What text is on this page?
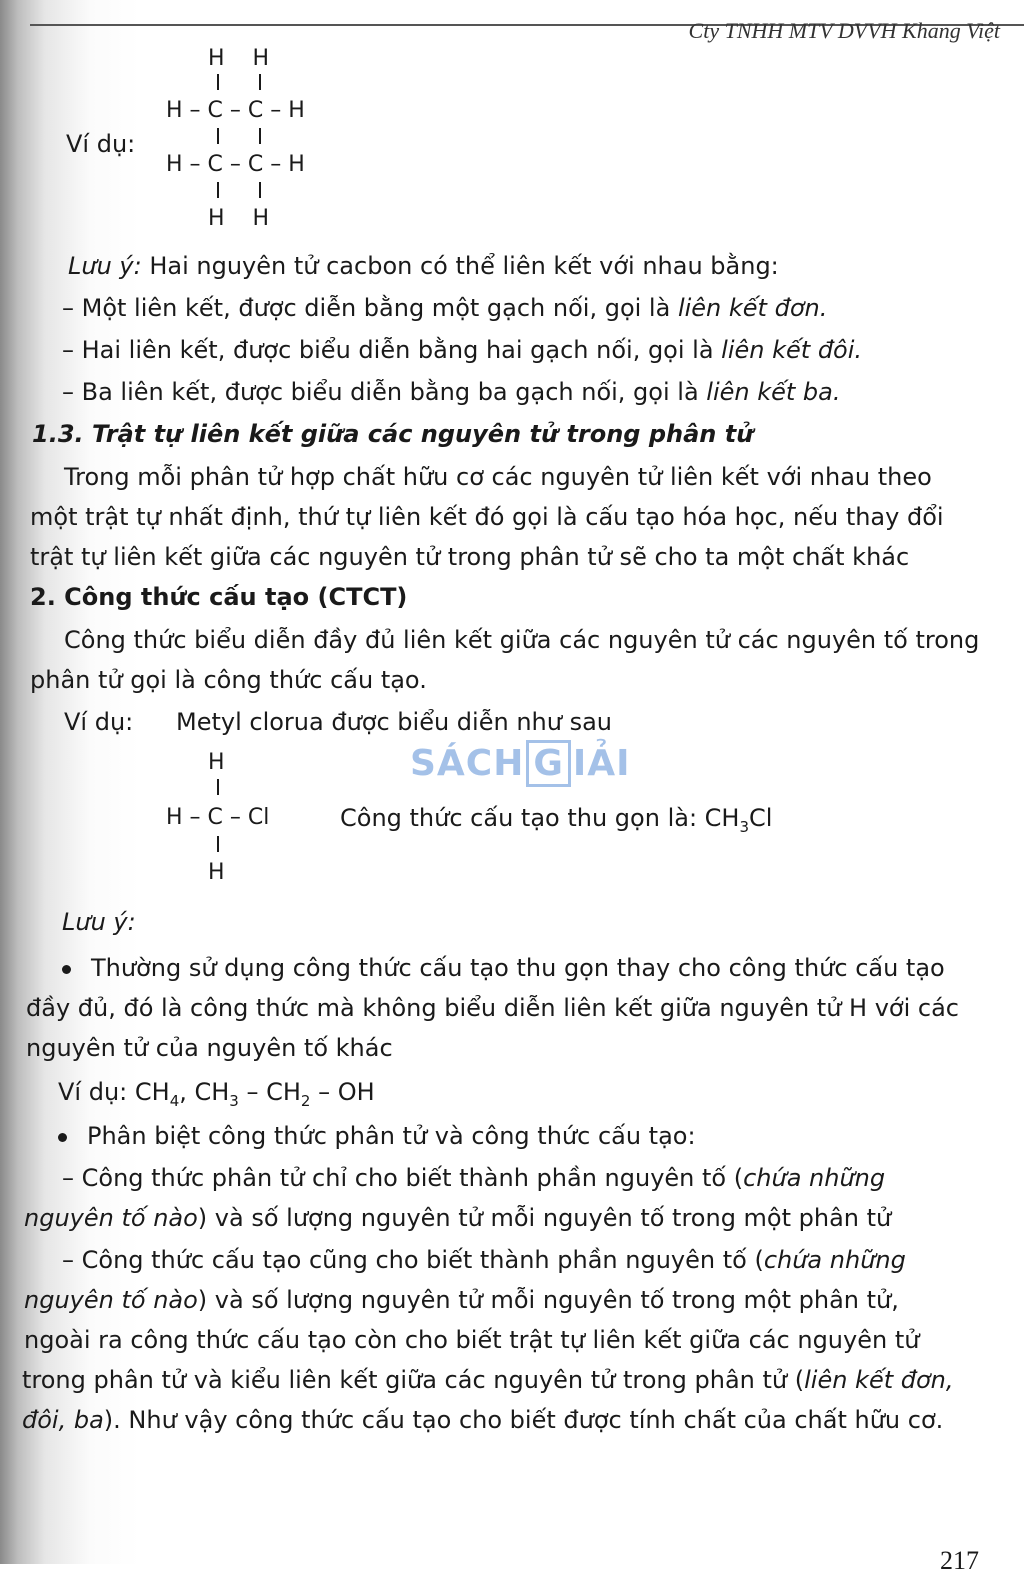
Cty TNHH MTV DVVH Khang Việt
Ví dụ:
H    H
H – C – C – H
H – C – C – H
H    H
Lưu ý: Hai nguyên tử cacbon có thể liên kết với nhau bằng:
– Một liên kết, được diễn bằng một gạch nối, gọi là liên kết đơn.
– Hai liên kết, được biểu diễn bằng hai gạch nối, gọi là liên kết đôi.
– Ba liên kết, được biểu diễn bằng ba gạch nối, gọi là liên kết ba.
1.3. Trật tự liên kết giữa các nguyên tử trong phân tử
Trong mỗi phân tử hợp chất hữu cơ các nguyên tử liên kết với nhau theo
một trật tự nhất định, thứ tự liên kết đó gọi là cấu tạo hóa học, nếu thay đổi
trật tự liên kết giữa các nguyên tử trong phân tử sẽ cho ta một chất khác
2. Công thức cấu tạo (CTCT)
Công thức biểu diễn đầy đủ liên kết giữa các nguyên tử các nguyên tố trong
phân tử gọi là công thức cấu tạo.
Ví dụ: Metyl clorua được biểu diễn như sau
H
H – C – Cl
H
Công thức cấu tạo thu gọn là: $CH_3Cl$
SÁCH G IẢI
Lưu ý:
Thường sử dụng công thức cấu tạo thu gọn thay cho công thức cấu tạo
đầy đủ, đó là công thức mà không biểu diễn liên kết giữa nguyên tử H với các
nguyên tử của nguyên tố khác
Ví dụ: $CH_4$, $CH_3 - CH_2$ – OH
Phân biệt công thức phân tử và công thức cấu tạo:
– Công thức phân tử chỉ cho biết thành phần nguyên tố (chứa những
nguyên tố nào) và số lượng nguyên tử mỗi nguyên tố trong một phân tử
– Công thức cấu tạo cũng cho biết thành phần nguyên tố (chứa những
nguyên tố nào) và số lượng nguyên tử mỗi nguyên tố trong một phân tử,
ngoài ra công thức cấu tạo còn cho biết trật tự liên kết giữa các nguyên tử
trong phân tử và kiểu liên kết giữa các nguyên tử trong phân tử (liên kết đơn,
đôi, ba). Như vậy công thức cấu tạo cho biết được tính chất của chất hữu cơ.
217
